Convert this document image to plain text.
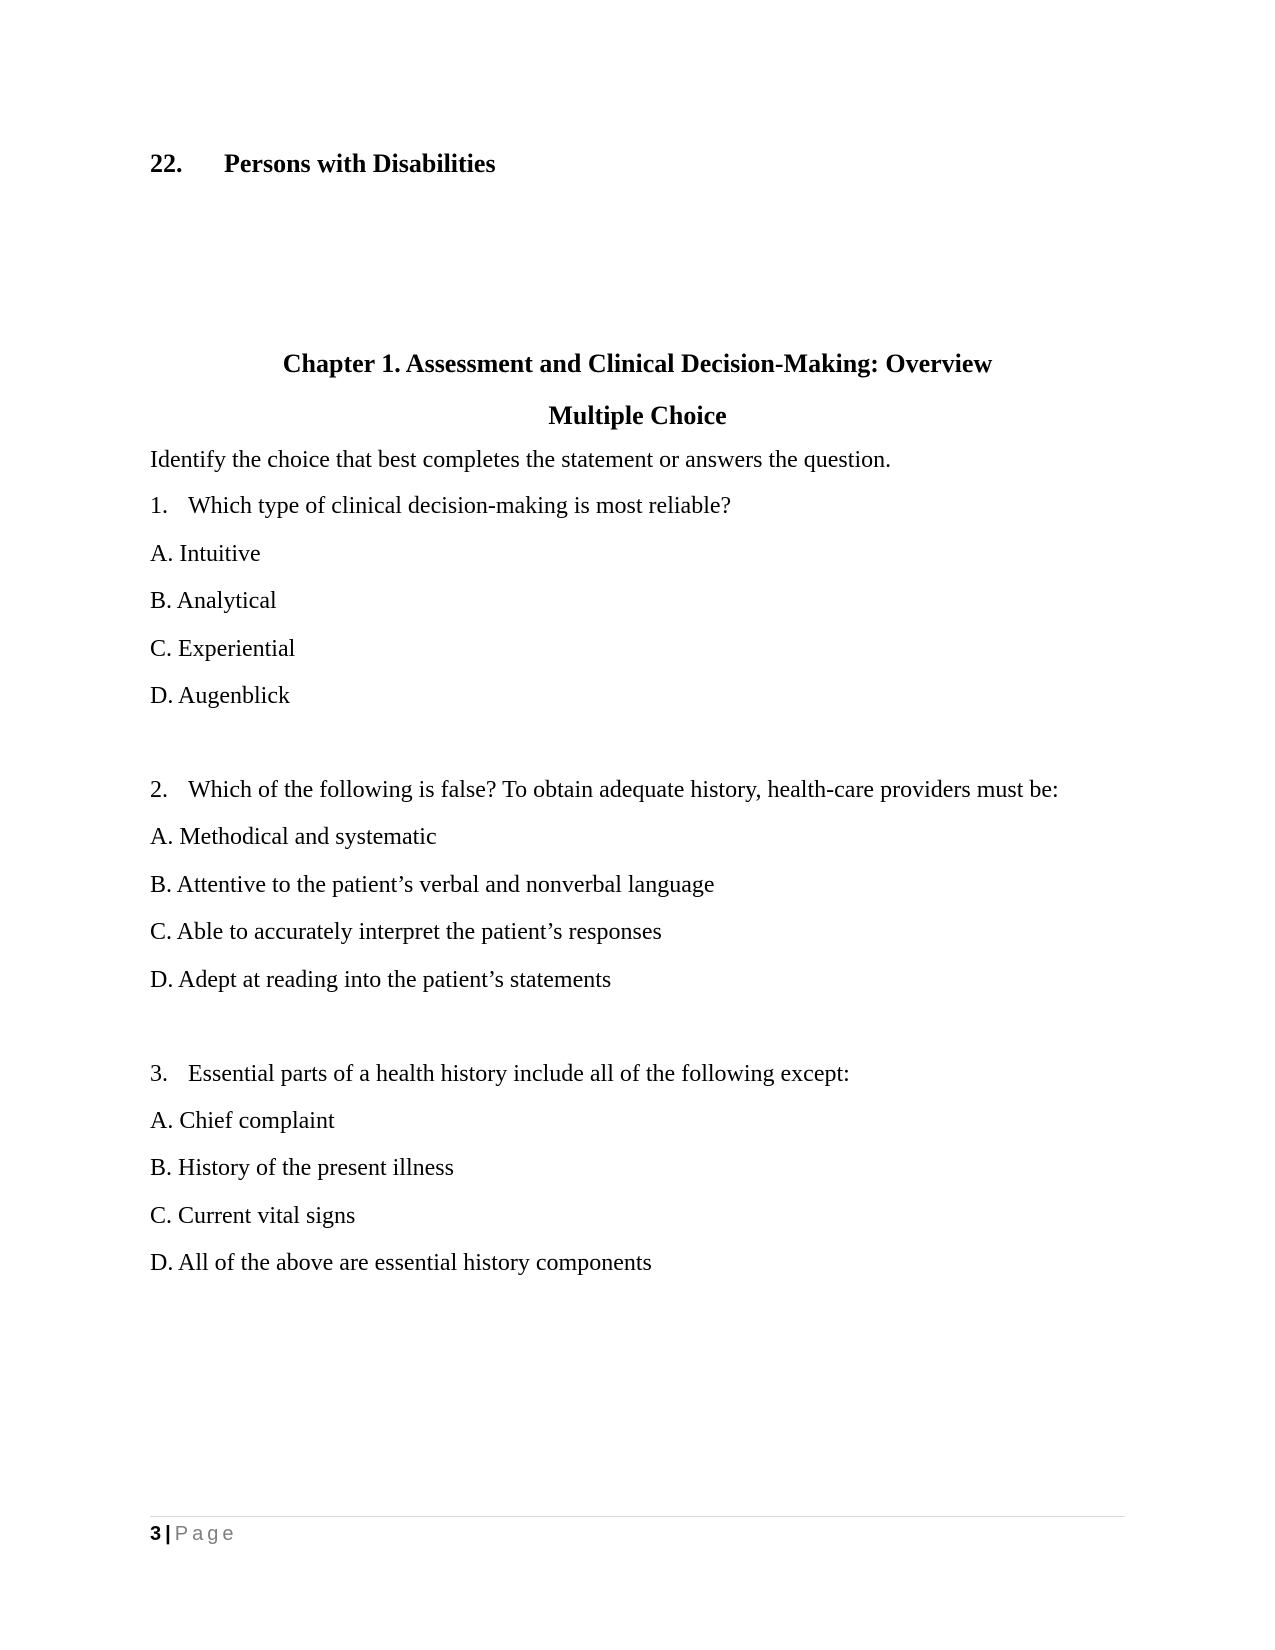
22.	Persons with Disabilities
Chapter 1. Assessment and Clinical Decision-Making: Overview
Multiple Choice
Identify the choice that best completes the statement or answers the question.
1. Which type of clinical decision-making is most reliable?
A. Intuitive
B. Analytical
C. Experiential
D. Augenblick
2. Which of the following is false? To obtain adequate history, health-care providers must be:
A. Methodical and systematic
B. Attentive to the patient’s verbal and nonverbal language
C. Able to accurately interpret the patient’s responses
D. Adept at reading into the patient’s statements
3. Essential parts of a health history include all of the following except:
A. Chief complaint
B. History of the present illness
C. Current vital signs
D. All of the above are essential history components
3 | Page
